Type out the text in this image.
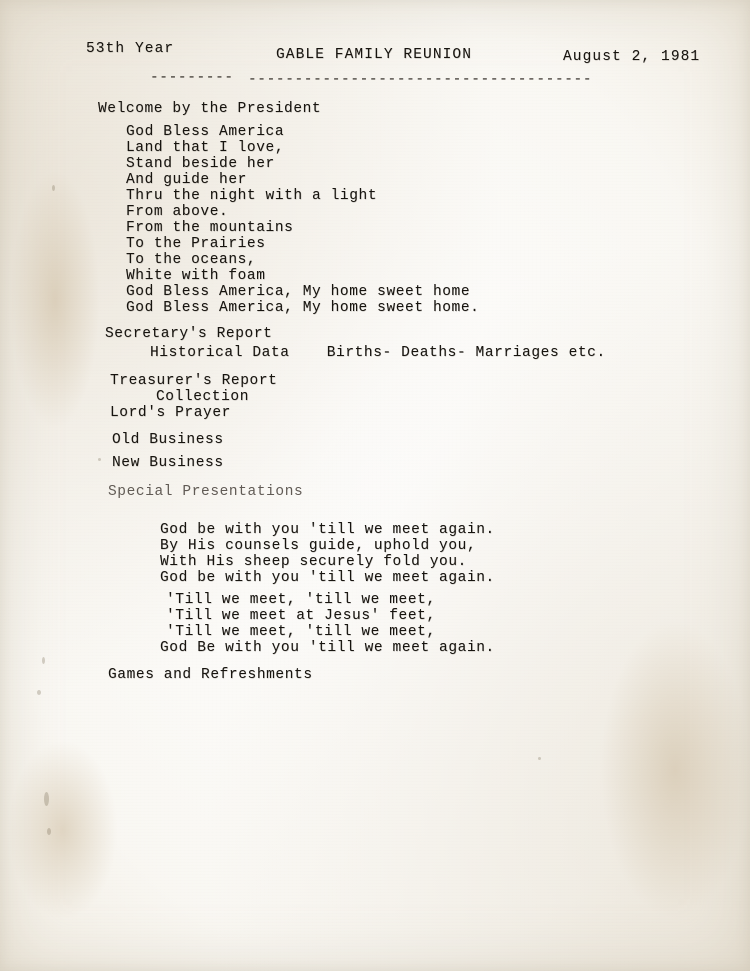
53th Year	GABLE FAMILY REUNION	August 2, 1981
--------- -------------------------------------
Welcome by the President
God Bless America
Land that I love,
Stand beside her
And guide her
Thru the night with a light
From above.
From the mountains
To the Prairies
To the oceans,
White with foam
God Bless America, My home sweet home
God Bless America, My home sweet home.
Secretary's Report
Historical Data    Births- Deaths- Marriages etc.
Treasurer's Report
Collection
Lord's Prayer
Old Business
New Business
Special Presentations
God be with you 'till we meet again.
By His counsels guide, uphold you,
With His sheep securely fold you.
God be with you 'till we meet again.
'Till we meet, 'till we meet,
'Till we meet at Jesus' feet,
'Till we meet, 'till we meet,
God Be with you 'till we meet again.
Games and Refreshments
